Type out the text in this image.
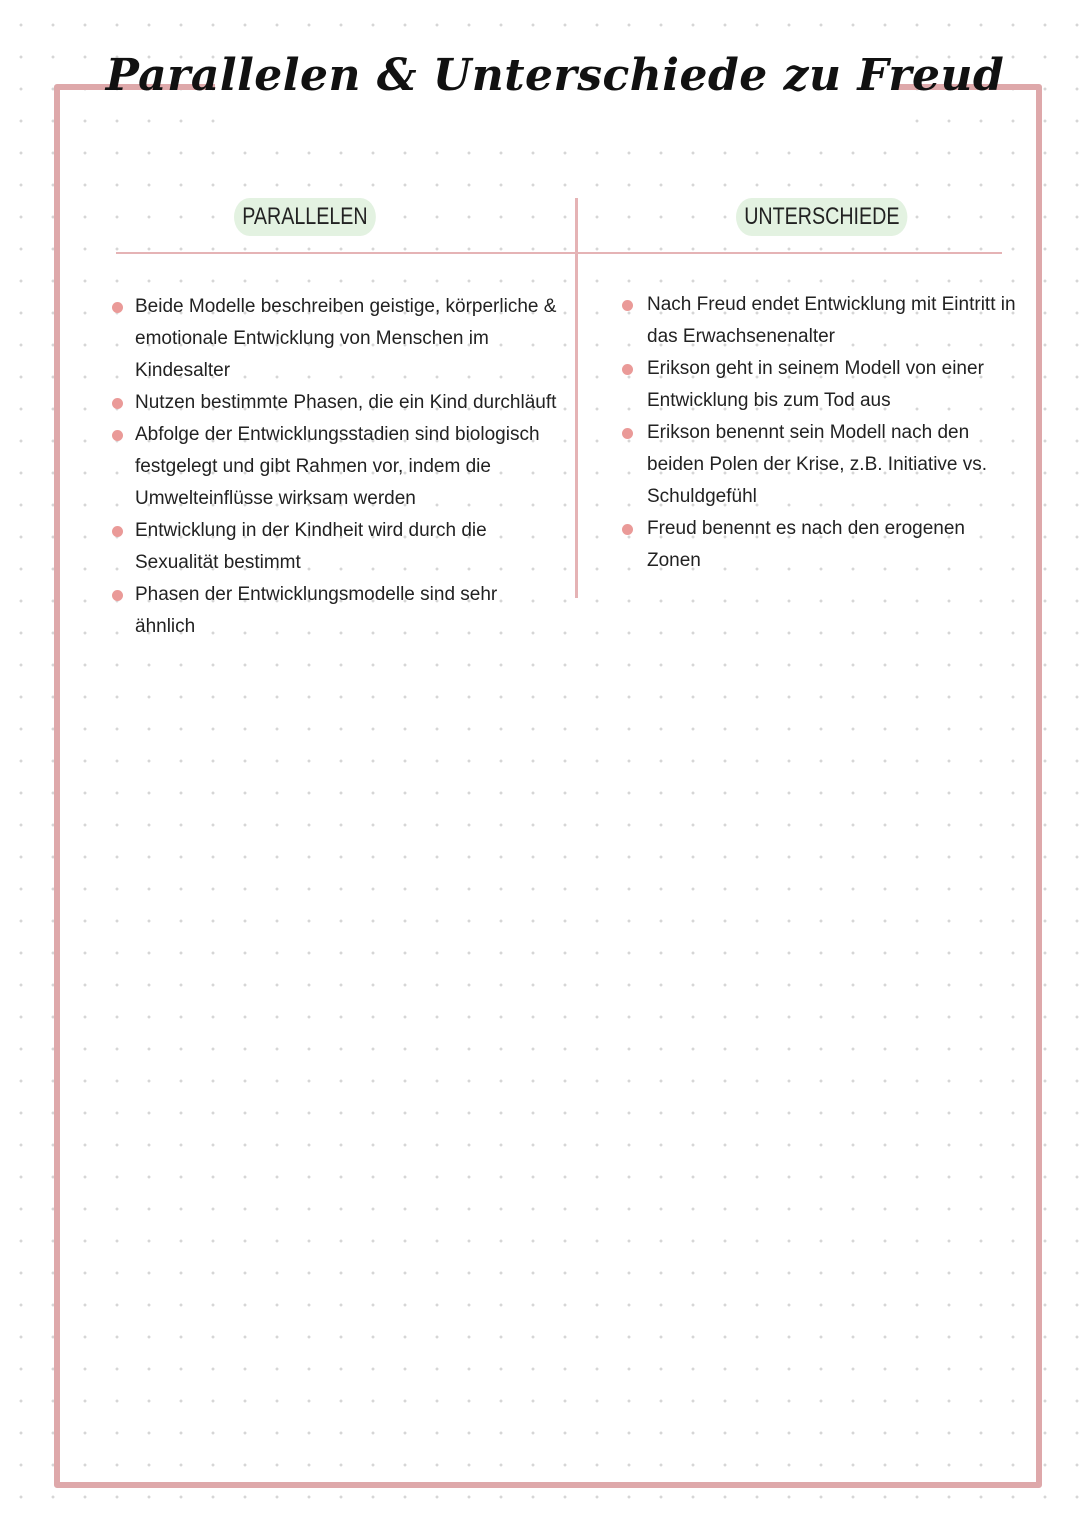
Parallelen & Unterschiede zu Freud
PARALLELEN	UNTERSCHIEDE
Beide Modelle beschreiben geistige, körperliche & emotionale Entwicklung von Menschen im Kindesalter
Nutzen bestimmte Phasen, die ein Kind durchläuft
Abfolge der Entwicklungsstadien sind biologisch festgelegt und gibt Rahmen vor, indem die Umwelteinflüsse wirksam werden
Entwicklung in der Kindheit wird durch die Sexualität bestimmt
Phasen der Entwicklungsmodelle sind sehr ähnlich
Nach Freud endet Entwicklung mit Eintritt in das Erwachsenenalter
Erikson geht in seinem Modell von einer Entwicklung bis zum Tod aus
Erikson benennt sein Modell nach den beiden Polen der Krise, z.B. Initiative vs. Schuldgefühl
Freud benennt es nach den erogenen Zonen
